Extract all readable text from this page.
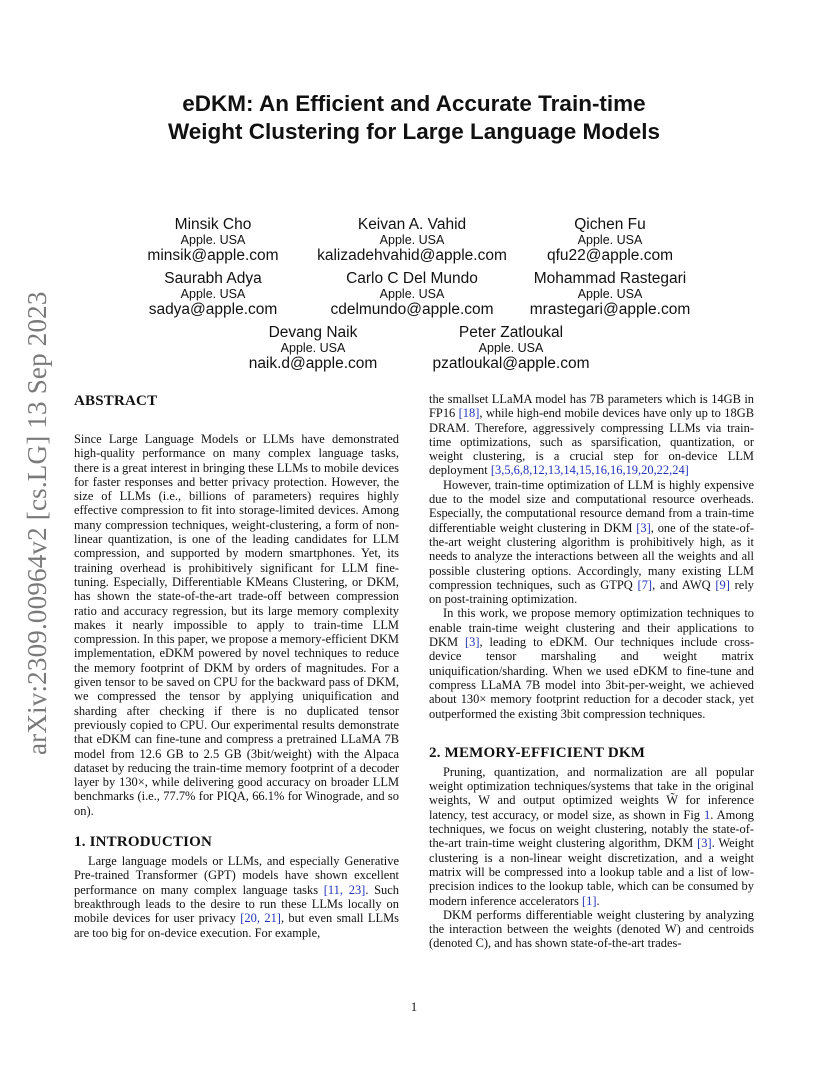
arXiv:2309.00964v2 [cs.LG] 13 Sep 2023
eDKM: An Efficient and Accurate Train-time
Weight Clustering for Large Language Models
Minsik Cho
Apple. USA
minsik@apple.com
Keivan A. Vahid
Apple. USA
kalizadehvahid@apple.com
Qichen Fu
Apple. USA
qfu22@apple.com
Saurabh Adya
Apple. USA
sadya@apple.com
Carlo C Del Mundo
Apple. USA
cdelmundo@apple.com
Mohammad Rastegari
Apple. USA
mrastegari@apple.com
Devang Naik
Apple. USA
naik.d@apple.com
Peter Zatloukal
Apple. USA
pzatloukal@apple.com
ABSTRACT

Since Large Language Models or LLMs have demonstrated high-quality performance on many complex language tasks, there is a great interest in bringing these LLMs to mobile devices for faster responses and better privacy protection. However, the size of LLMs (i.e., billions of parameters) requires highly effective compression to fit into storage-limited devices. Among many compression techniques, weight-clustering, a form of non-linear quantization, is one of the leading candidates for LLM compression, and supported by modern smartphones. Yet, its training overhead is prohibitively significant for LLM fine-tuning. Especially, Differentiable KMeans Clustering, or DKM, has shown the state-of-the-art trade-off between compression ratio and accuracy regression, but its large memory complexity makes it nearly impossible to apply to train-time LLM compression. In this paper, we propose a memory-efficient DKM implementation, eDKM powered by novel techniques to reduce the memory footprint of DKM by orders of magnitudes. For a given tensor to be saved on CPU for the backward pass of DKM, we compressed the tensor by applying uniquification and sharding after checking if there is no duplicated tensor previously copied to CPU. Our experimental results demonstrate that eDKM can fine-tune and compress a pretrained LLaMA 7B model from 12.6 GB to 2.5 GB (3bit/weight) with the Alpaca dataset by reducing the train-time memory footprint of a decoder layer by 130×, while delivering good accuracy on broader LLM benchmarks (i.e., 77.7% for PIQA, 66.1% for Winograde, and so on).

1. INTRODUCTION

Large language models or LLMs, and especially Generative Pre-trained Transformer (GPT) models have shown excellent performance on many complex language tasks [11, 23]. Such breakthrough leads to the desire to run these LLMs locally on mobile devices for user privacy [20, 21], but even small LLMs are too big for on-device execution. For example,

the smallset LLaMA model has 7B parameters which is 14GB in FP16 [18], while high-end mobile devices have only up to 18GB DRAM. Therefore, aggressively compressing LLMs via train-time optimizations, such as sparsification, quantization, or weight clustering, is a crucial step for on-device LLM deployment [3,5,6,8,12,13,14,15,16,16,19,20,22,24]

However, train-time optimization of LLM is highly expensive due to the model size and computational resource overheads. Especially, the computational resource demand from a train-time differentiable weight clustering in DKM [3], one of the state-of-the-art weight clustering algorithm is prohibitively high, as it needs to analyze the interactions between all the weights and all possible clustering options. Accordingly, many existing LLM compression techniques, such as GTPQ [7], and AWQ [9] rely on post-training optimization.

In this work, we propose memory optimization techniques to enable train-time weight clustering and their applications to DKM [3], leading to eDKM. Our techniques include cross-device tensor marshaling and weight matrix uniquification/sharding. When we used eDKM to fine-tune and compress LLaMA 7B model into 3bit-per-weight, we achieved about 130× memory footprint reduction for a decoder stack, yet outperformed the existing 3bit compression techniques.

2. MEMORY-EFFICIENT DKM

Pruning, quantization, and normalization are all popular weight optimization techniques/systems that take in the original weights, W and output optimized weights W̃ for inference latency, test accuracy, or model size, as shown in Fig 1. Among techniques, we focus on weight clustering, notably the state-of-the-art train-time weight clustering algorithm, DKM [3]. Weight clustering is a non-linear weight discretization, and a weight matrix will be compressed into a lookup table and a list of low-precision indices to the lookup table, which can be consumed by modern inference accelerators [1].

DKM performs differentiable weight clustering by analyzing the interaction between the weights (denoted W) and centroids (denoted C), and has shown state-of-the-art trades-

1
